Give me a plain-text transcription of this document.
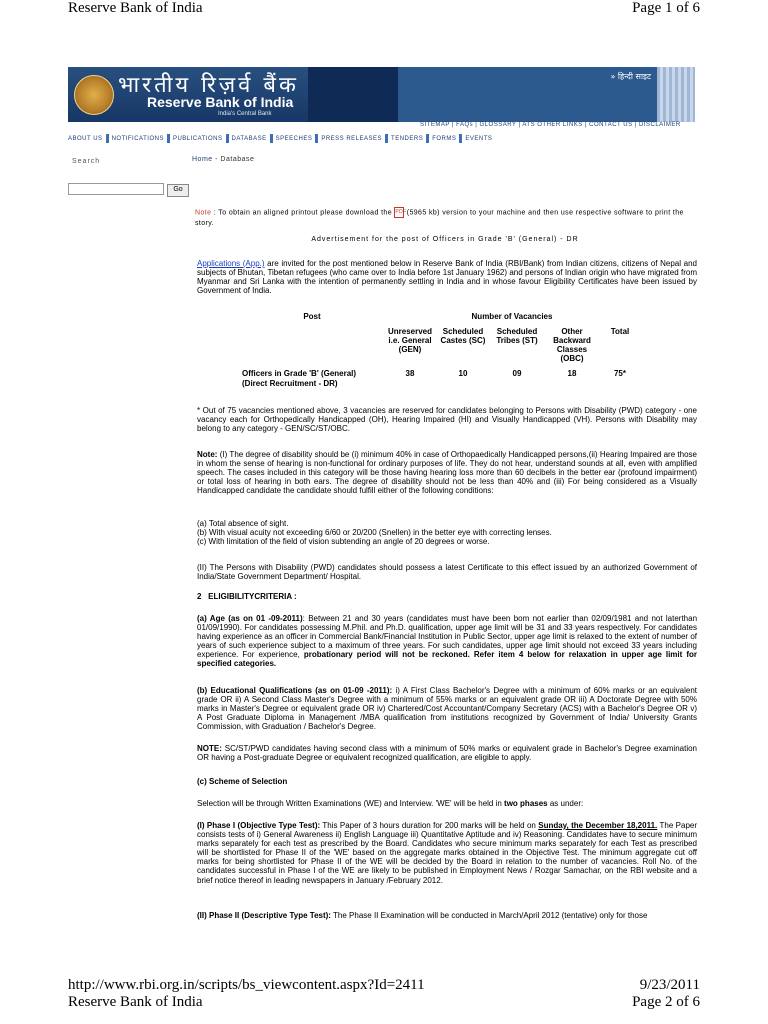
Reserve Bank of India	Page 1 of 6
भारतीय रिज़र्व बैंक
Reserve Bank of India
India's Central Bank
» हिन्दी साइट
SITEMAP | FAQs | GLOSSARY | ATS OTHER LINKS | CONTACT US | DISCLAIMER
ABOUT US NOTIFICATIONS PUBLICATIONS DATABASE SPEECHES PRESS RELEASES TENDERS FORMS EVENTS
Search
Go
Home - Database
Note : To obtain an aligned printout please download the PDF (5965 kb) version to your machine and then use respective software to print the story.
Advertisement for the post of Officers in Grade 'B' (General) - DR
Applications (App.) are invited for the post mentioned below in Reserve Bank of India (RBI/Bank) from Indian citizens, citizens of Nepal and subjects of Bhutan, Tibetan refugees (who came over to India before 1st January 1962) and persons of Indian origin who have migrated from Myanmar and Sri Lanka with the intention of permanently settling in India and in whose favour Eligibility Certificates have been issued by Government of India.
Post	Number of Vacancies				

	Unreserved i.e. General (GEN)	Scheduled Castes (SC)	Scheduled Tribes (ST)	Other Backward Classes (OBC)	Total

Officers in Grade 'B' (General) (Direct Recruitment - DR)	38	10	09	18	75*
* Out of 75 vacancies mentioned above, 3 vacancies are reserved for candidates belonging to Persons with Disability (PWD) category - one vacancy each for Orthopedically Handicapped (OH), Hearing Impaired (HI) and Visually Handicapped (VH). Persons with Disability may belong to any category - GEN/SC/ST/OBC.
Note: (I) The degree of disability should be (i) minimum 40% in case of Orthopaedically Handicapped persons,(ii) Hearing Impaired are those in whom the sense of hearing is non-functional for ordinary purposes of life. They do not hear, understand sounds at all, even with amplified speech. The cases included in this category will be those having hearing loss more than 60 decibels in the better ear (profound impairment) or total loss of hearing in both ears. The degree of disability should not be less than 40% and (iii) For being considered as a Visually Handicapped candidate the candidate should fulfill either of the following conditions:
(a) Total absence of sight.
(b) With visual acuity not exceeding 6/60 or 20/200 (Snellen) in the better eye with correcting lenses.
(c) With limitation of the field of vision subtending an angle of 20 degrees or worse.
(II) The Persons with Disability (PWD) candidates should possess a latest Certificate to this effect issued by an authorized Government of India/State Government Department/ Hospital.
2   ELIGIBILITYCRITERIA :
(a) Age (as on 01 -09-2011): Between 21 and 30 years (candidates must have been bom not earlier than 02/09/1981 and not laterthan 01/09/1990). For candidates possessing M.Phil. and Ph.D. qualification, upper age limit will be 31 and 33 years respectively. For candidates having experience as an officer in Commercial Bank/Financial Institution in Public Sector, upper age limit is relaxed to the extent of number of years of such experience subject to a maximum of three years. For such candidates, upper age limit should not exceed 33 years including experience. For experience, probationary period will not be reckoned. Refer item 4 below for relaxation in upper age limit for specified categories.
(b) Educational Qualifications (as on 01-09 -2011): i) A First Class Bachelor's Degree with a minimum of 60% marks or an equivalent grade OR ii) A Second Class Master's Degree with a minimum of 55% marks or an equivalent grade OR iii) A Doctorate Degree with 50% marks in Master's Degree or equivalent grade OR iv) Chartered/Cost Accountant/Company Secretary (ACS) with a Bachelor's Degree OR v) A Post Graduate Diploma in Management /MBA qualification from institutions recognized by Government of India/ University Grants Commission, with Graduation / Bachelor's Degree.
NOTE: SC/ST/PWD candidates having second class with a minimum of 50% marks or equivalent grade in Bachelor's Degree examination OR having a Post-graduate Degree or equivalent recognized qualification, are eligible to apply.
(c) Scheme of Selection
Selection will be through Written Examinations (WE) and Interview. 'WE' will be held in two phases as under:
(I) Phase I (Objective Type Test): This Paper of 3 hours duration for 200 marks will be held on Sunday, the December 18,2011. The Paper consists tests of i) General Awareness ii) English Language iii) Quantitative Aptitude and iv) Reasoning. Candidates have to secure minimum marks separately for each test as prescribed by the Board. Candidates who secure minimum marks separately for each Test as prescribed will be shortlisted for Phase II of the 'WE' based on the aggregate marks obtained in the Objective Test. The minimum aggregate cut off marks for being shortlisted for Phase II of the WE will be decided by the Board in relation to the number of vacancies. Roll No. of the candidates successful in Phase I of the WE are likely to be published in Employment News / Rozgar Samachar, on the RBI website and a brief notice thereof in leading newspapers in January /February 2012.
(II) Phase II (Descriptive Type Test): The Phase II Examination will be conducted in March/April 2012 (tentative) only for those
http://www.rbi.org.in/scripts/bs_viewcontent.aspx?Id=2411	9/23/2011
Reserve Bank of India	Page 2 of 6
